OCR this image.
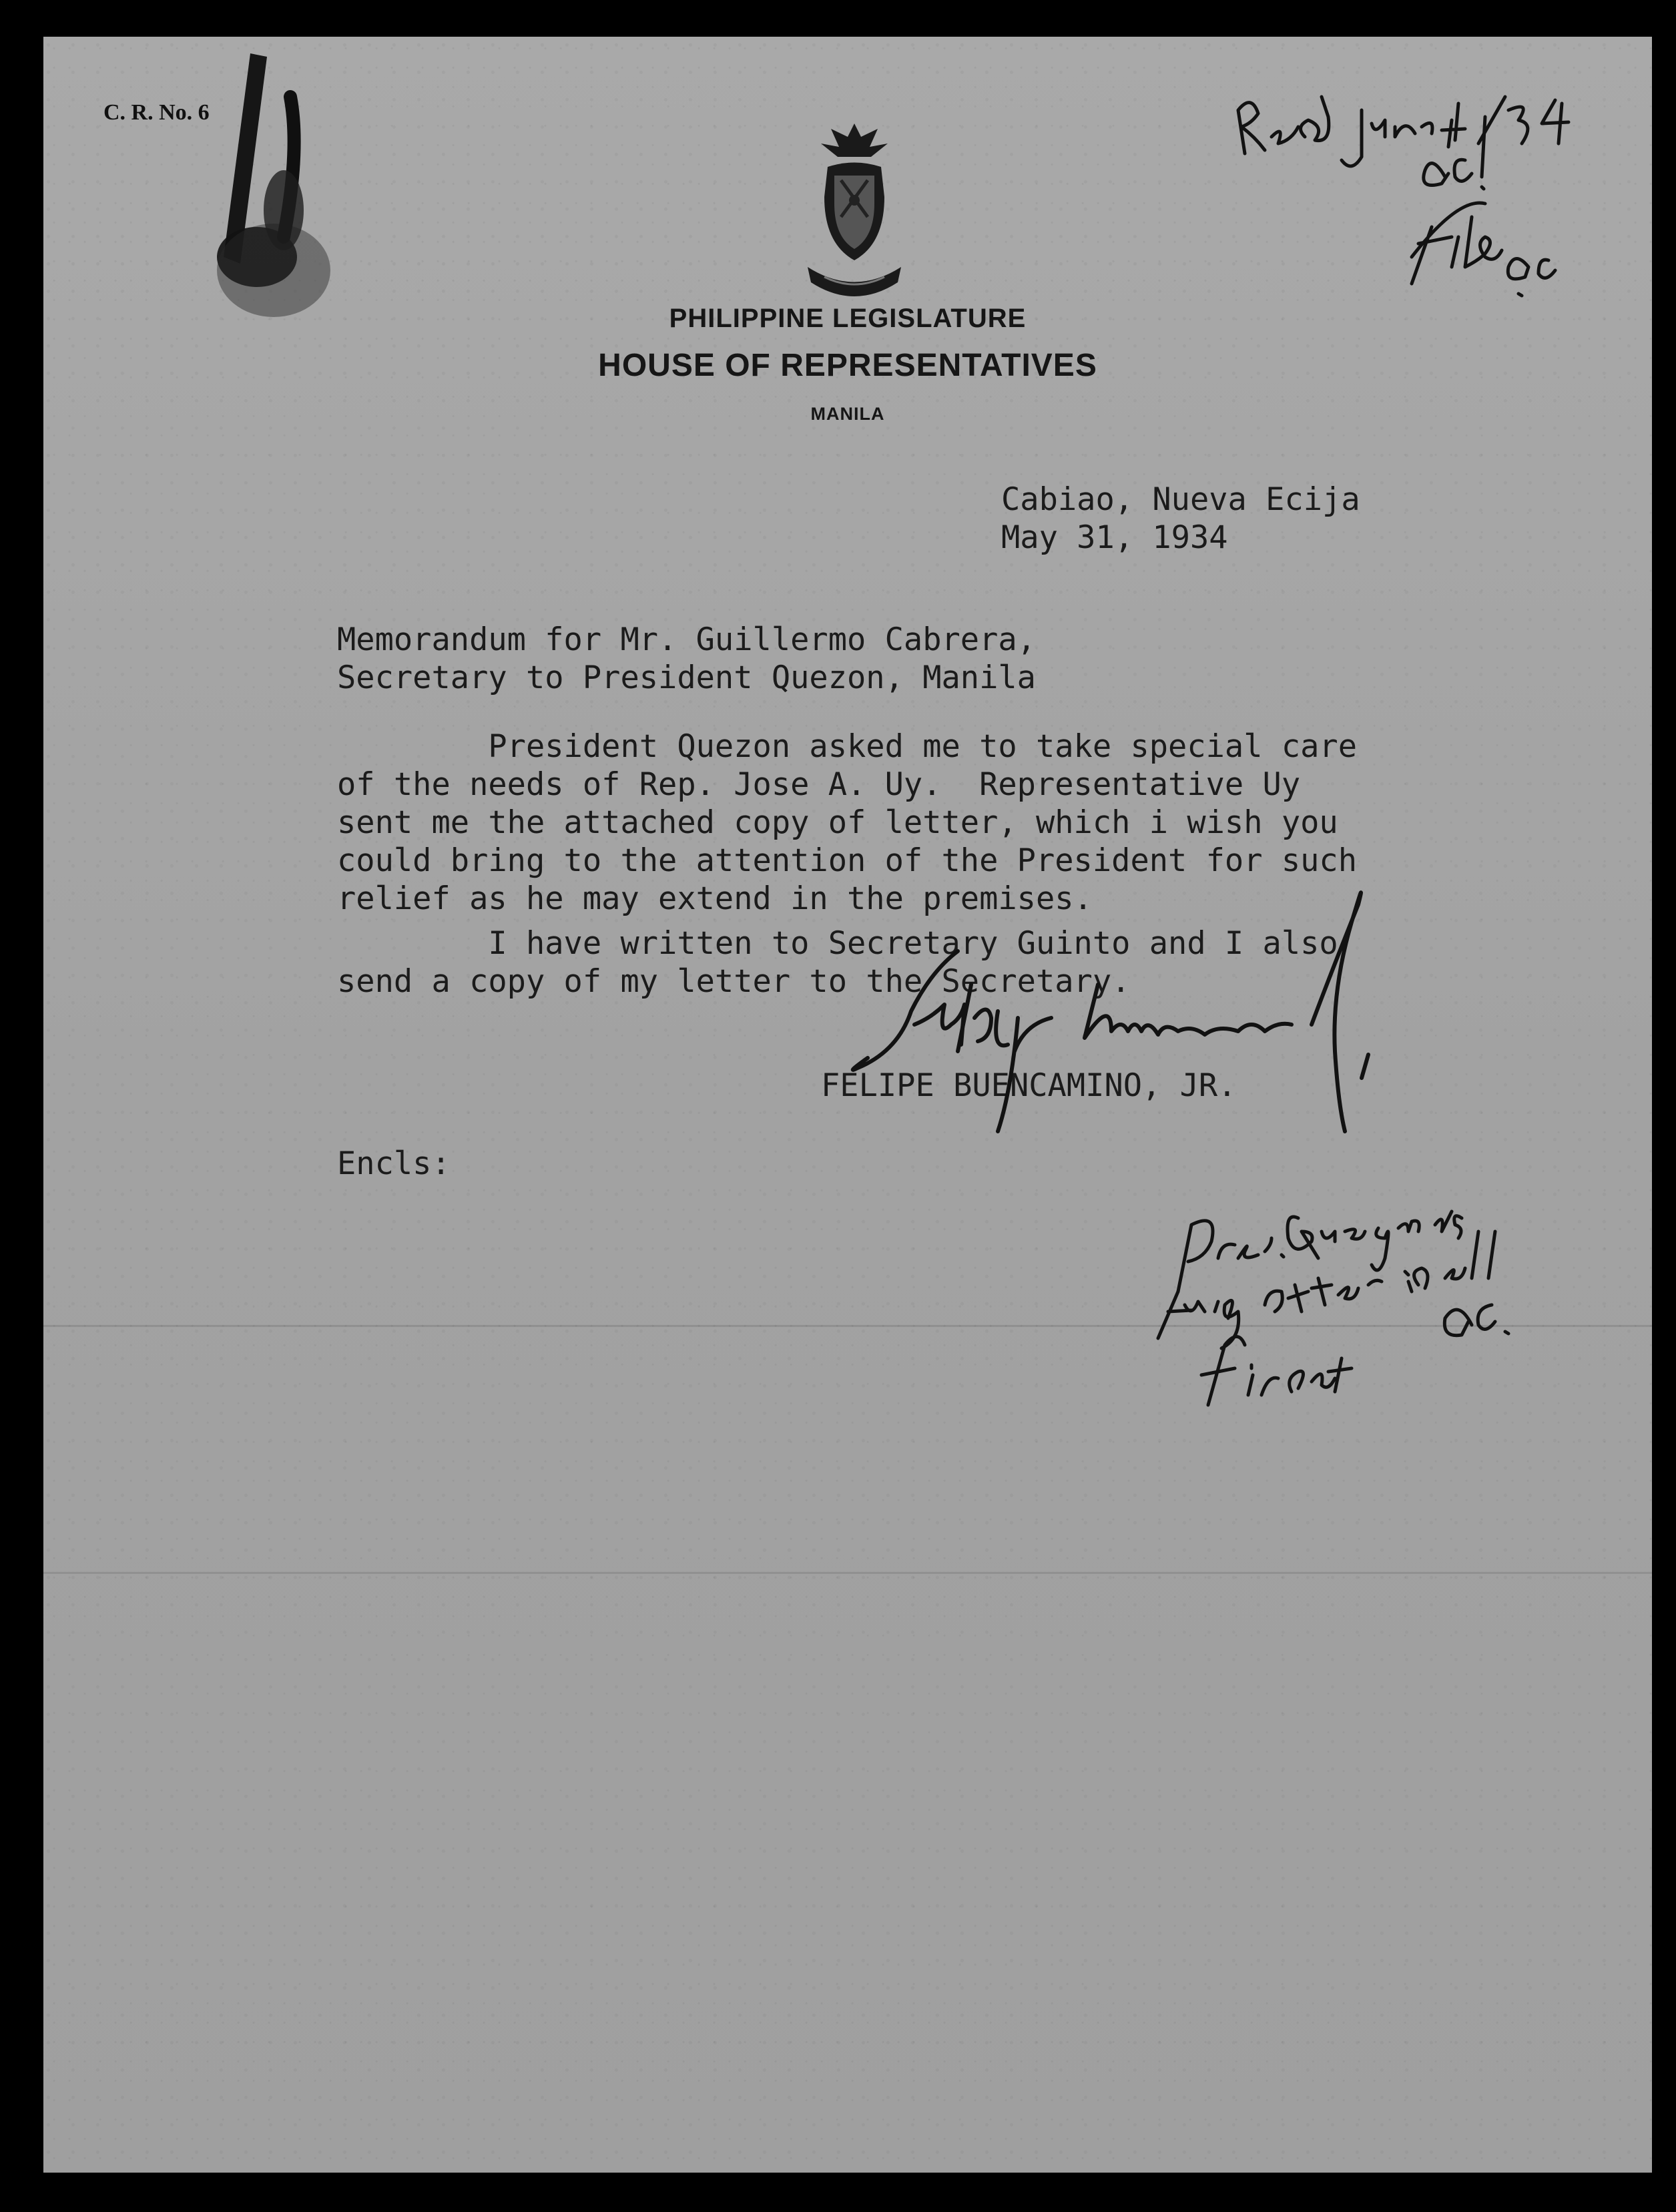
C. R. No. 6
PHILIPPINE LEGISLATURE
HOUSE OF REPRESENTATIVES
MANILA
Cabiao, Nueva Ecija
May 31, 1934
Memorandum for Mr. Guillermo Cabrera,
Secretary to President Quezon, Manila
President Quezon asked me to take special care
of the needs of Rep. Jose A. Uy.  Representative Uy
sent me the attached copy of letter, which i wish you
could bring to the attention of the President for such
relief as he may extend in the premises.
I have written to Secretary Guinto and I also
send a copy of my letter to the Secretary.
FELIPE BUENCAMINO, JR.
Encls:
